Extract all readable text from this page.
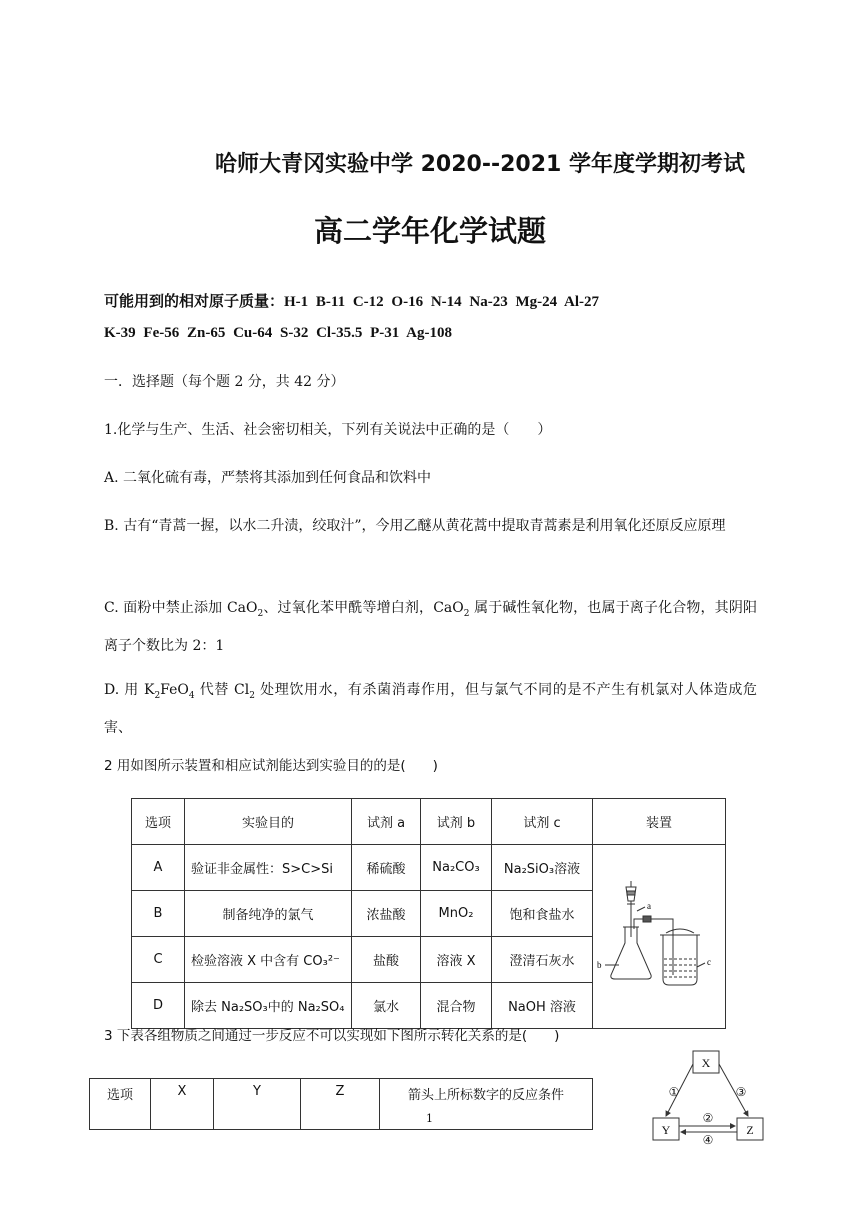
哈师大青冈实验中学 2020--2021 学年度学期初考试
高二学年化学试题
可能用到的相对原子质量：H-1 B-11 C-12 O-16 N-14 Na-23 Mg-24 Al-27
K-39 Fe-56 Zn-65 Cu-64 S-32 Cl-35.5 P-31 Ag-108
一．选择题（每个题 2 分，共 42 分）
1.化学与生产、生活、社会密切相关，下列有关说法中正确的是（　　）
A. 二氧化硫有毒，严禁将其添加到任何食品和饮料中
B. 古有“青蒿一握，以水二升渍，绞取汁”，今用乙醚从黄花蒿中提取青蒿素是利用氧化还原反应原理
C. 面粉中禁止添加 CaO$_2$、过氧化苯甲酰等增白剂，CaO$_2$ 属于碱性氧化物，也属于离子化合物，其阴阳离子个数比为 2：1
D. 用 $K_2FeO_4$ 代替 $Cl_2$ 处理饮用水，有杀菌消毒作用，但与氯气不同的是不产生有机氯对人体造成危害、
2 用如图所示装置和相应试剂能达到实验目的的是(　　)
选项	实验目的	试剂 a	试剂 b	试剂 c	装置
A	验证非金属性：S>C>Si	稀硫酸	Na₂CO₃	Na₂SiO₃溶液	a
b c

B	制备纯净的氯气	浓盐酸	MnO₂	饱和食盐水	
C	检验溶液 X 中含有 CO₃²⁻	盐酸	溶液 X	澄清石灰水	
D	除去 Na₂SO₃中的 Na₂SO₄	氯水	混合物	NaOH 溶液	
3 下表各组物质之间通过一步反应不可以实现如下图所示转化关系的是(　　)
选项	X	Y	Z	箭头上所标数字的反应条件
1
X
Y	Z
①
②
③
④
